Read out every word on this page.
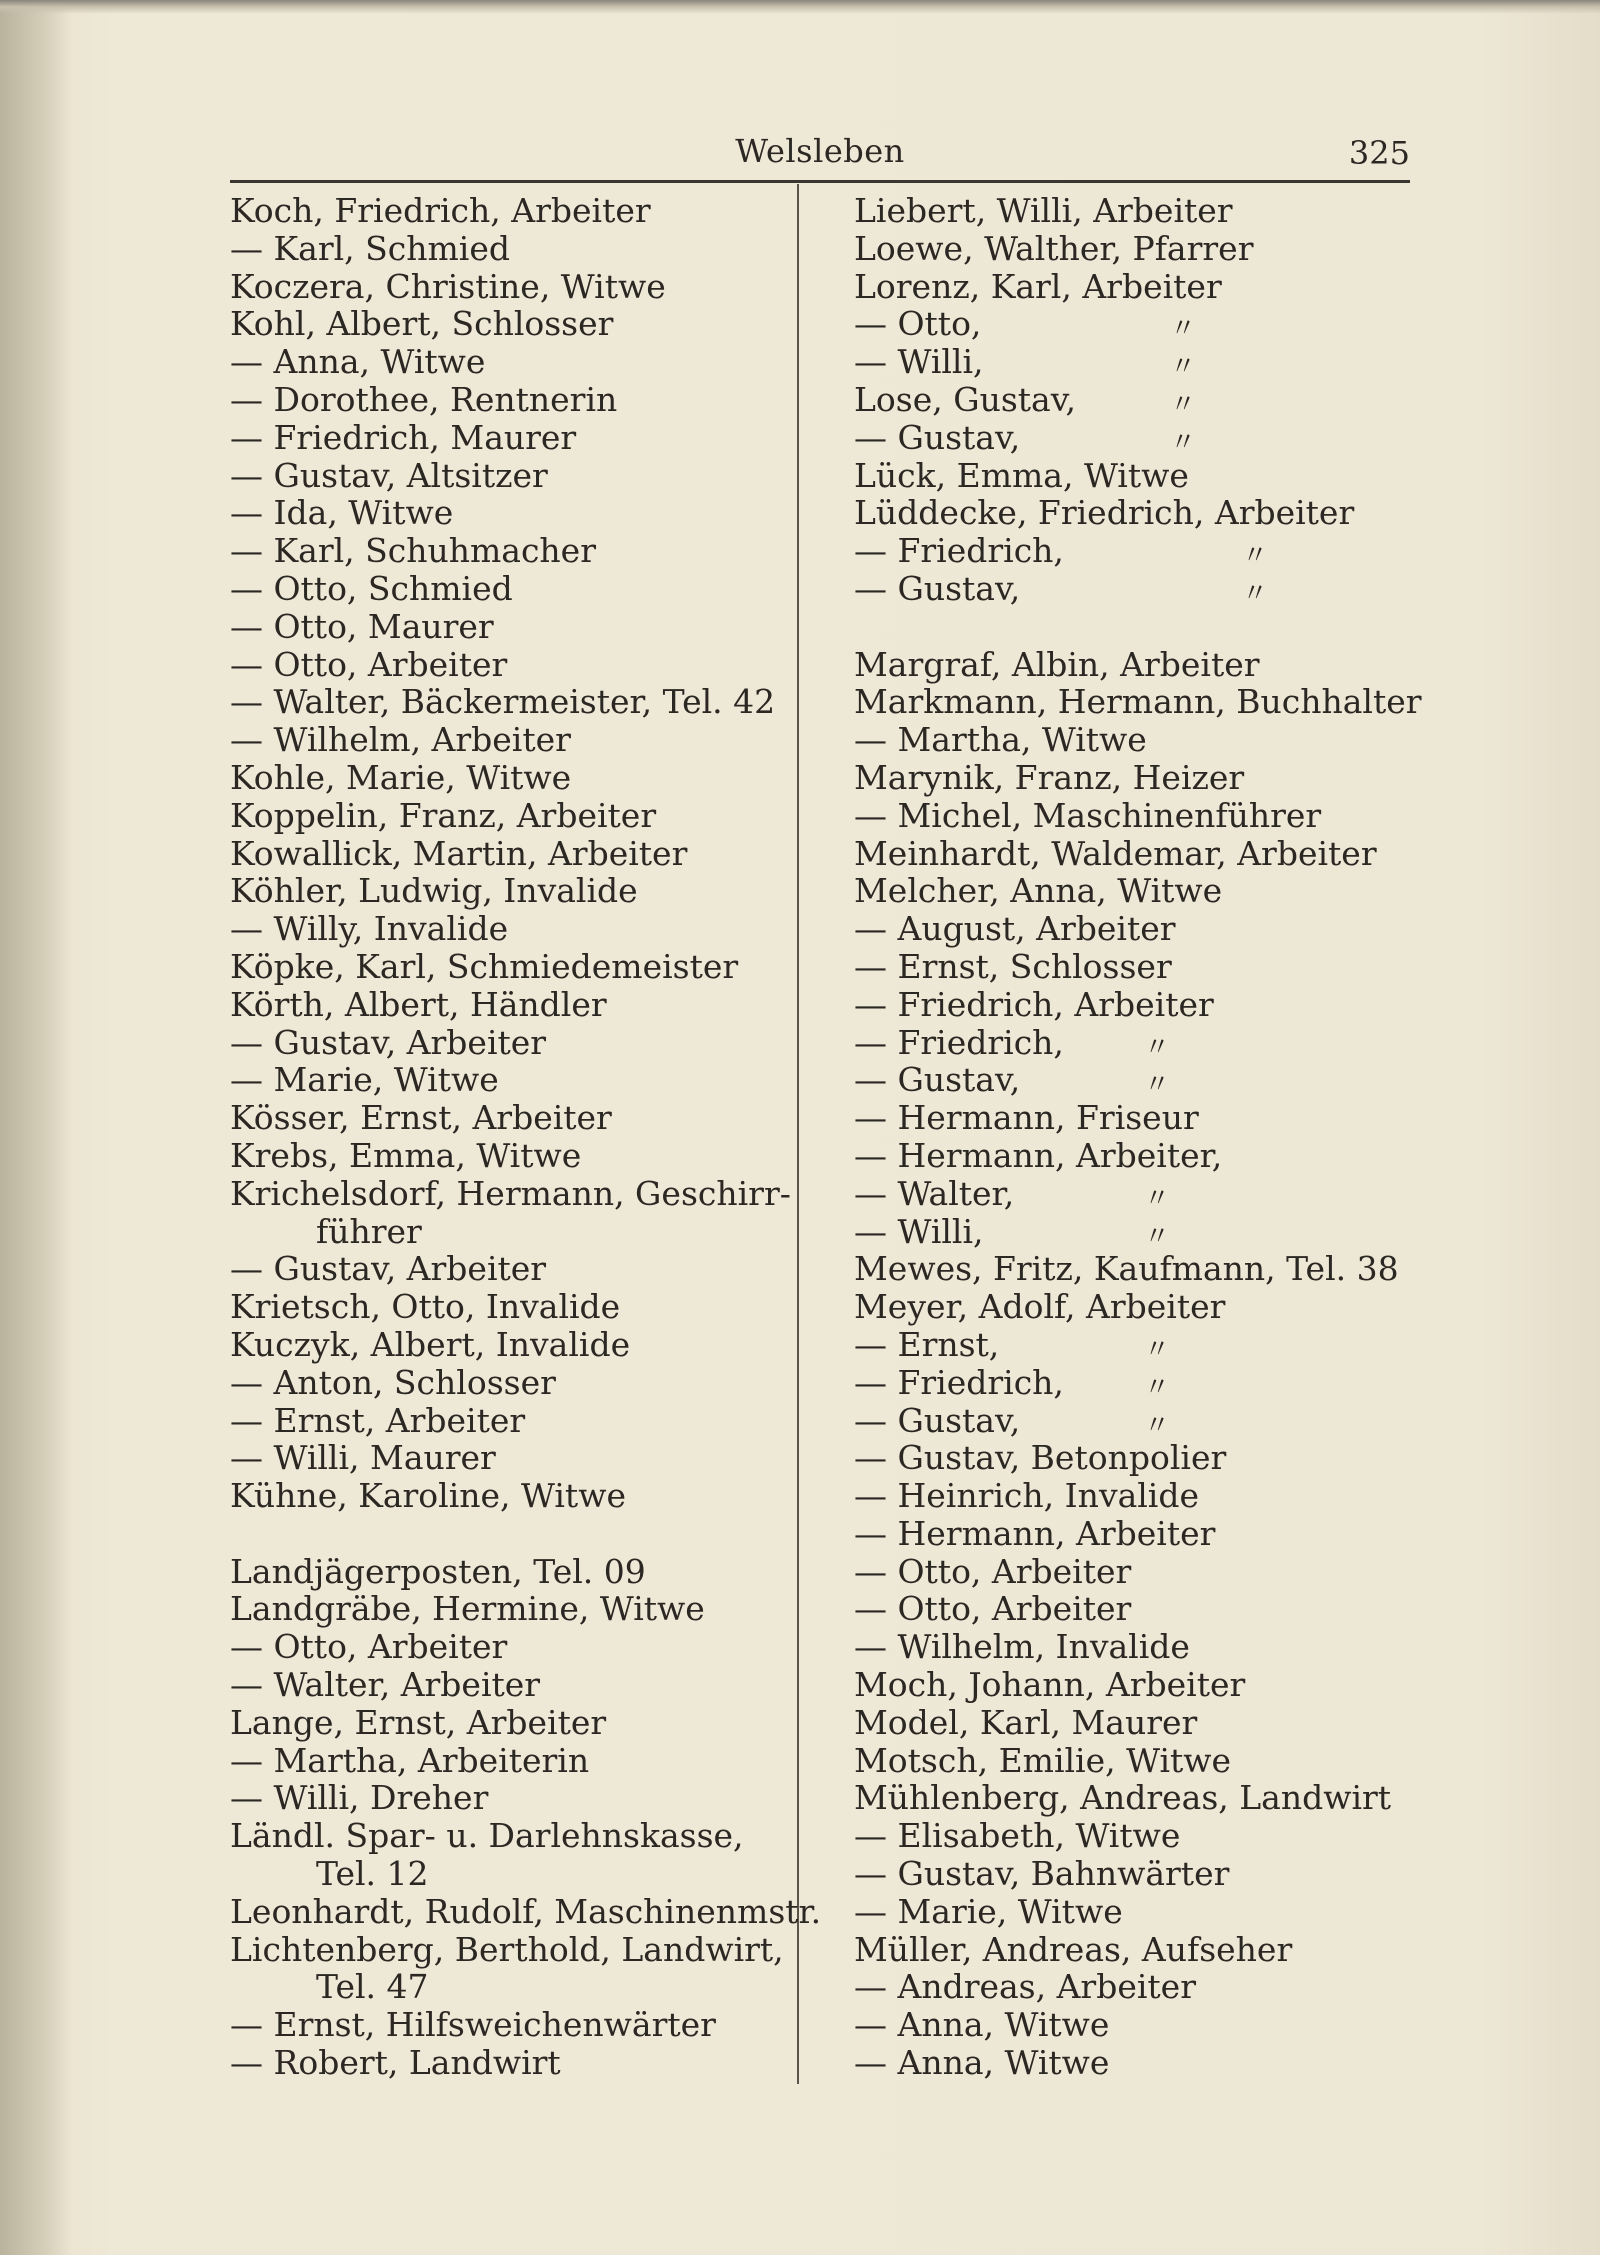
Welsleben	325
Koch, Friedrich, Arbeiter
— Karl, Schmied
Koczera, Christine, Witwe
Kohl, Albert, Schlosser
— Anna, Witwe
— Dorothee, Rentnerin
— Friedrich, Maurer
— Gustav, Altsitzer
— Ida, Witwe
— Karl, Schuhmacher
— Otto, Schmied
— Otto, Maurer
— Otto, Arbeiter
— Walter, Bäckermeister, Tel. 42
— Wilhelm, Arbeiter
Kohle, Marie, Witwe
Koppelin, Franz, Arbeiter
Kowallick, Martin, Arbeiter
Köhler, Ludwig, Invalide
— Willy, Invalide
Köpke, Karl, Schmiedemeister
Körth, Albert, Händler
— Gustav, Arbeiter
— Marie, Witwe
Kösser, Ernst, Arbeiter
Krebs, Emma, Witwe
Krichelsdorf, Hermann, Geschirr-
führer
— Gustav, Arbeiter
Krietsch, Otto, Invalide
Kuczyk, Albert, Invalide
— Anton, Schlosser
— Ernst, Arbeiter
— Willi, Maurer
Kühne, Karoline, Witwe
Landjägerposten, Tel. 09
Landgräbe, Hermine, Witwe
— Otto, Arbeiter
— Walter, Arbeiter
Lange, Ernst, Arbeiter
— Martha, Arbeiterin
— Willi, Dreher
Ländl. Spar- u. Darlehnskasse,
Tel. 12
Leonhardt, Rudolf, Maschinenmstr.
Lichtenberg, Berthold, Landwirt,
Tel. 47
— Ernst, Hilfsweichenwärter
— Robert, Landwirt
Liebert, Willi, Arbeiter
Loewe, Walther, Pfarrer
Lorenz, Karl, Arbeiter
— Otto,	〃
— Willi,	〃
Lose, Gustav,	〃
— Gustav,	〃
Lück, Emma, Witwe
Lüddecke, Friedrich, Arbeiter
— Friedrich,	〃
— Gustav,	〃
Margraf, Albin, Arbeiter
Markmann, Hermann, Buchhalter
— Martha, Witwe
Marynik, Franz, Heizer
— Michel, Maschinenführer
Meinhardt, Waldemar, Arbeiter
Melcher, Anna, Witwe
— August, Arbeiter
— Ernst, Schlosser
— Friedrich, Arbeiter
— Friedrich,	〃
— Gustav,	〃
— Hermann, Friseur
— Hermann, Arbeiter,
— Walter,	〃
— Willi,	〃
Mewes, Fritz, Kaufmann, Tel. 38
Meyer, Adolf, Arbeiter
— Ernst,	〃
— Friedrich,	〃
— Gustav,	〃
— Gustav, Betonpolier
— Heinrich, Invalide
— Hermann, Arbeiter
— Otto, Arbeiter
— Otto, Arbeiter
— Wilhelm, Invalide
Moch, Johann, Arbeiter
Model, Karl, Maurer
Motsch, Emilie, Witwe
Mühlenberg, Andreas, Landwirt
— Elisabeth, Witwe
— Gustav, Bahnwärter
— Marie, Witwe
Müller, Andreas, Aufseher
— Andreas, Arbeiter
— Anna, Witwe
— Anna, Witwe
